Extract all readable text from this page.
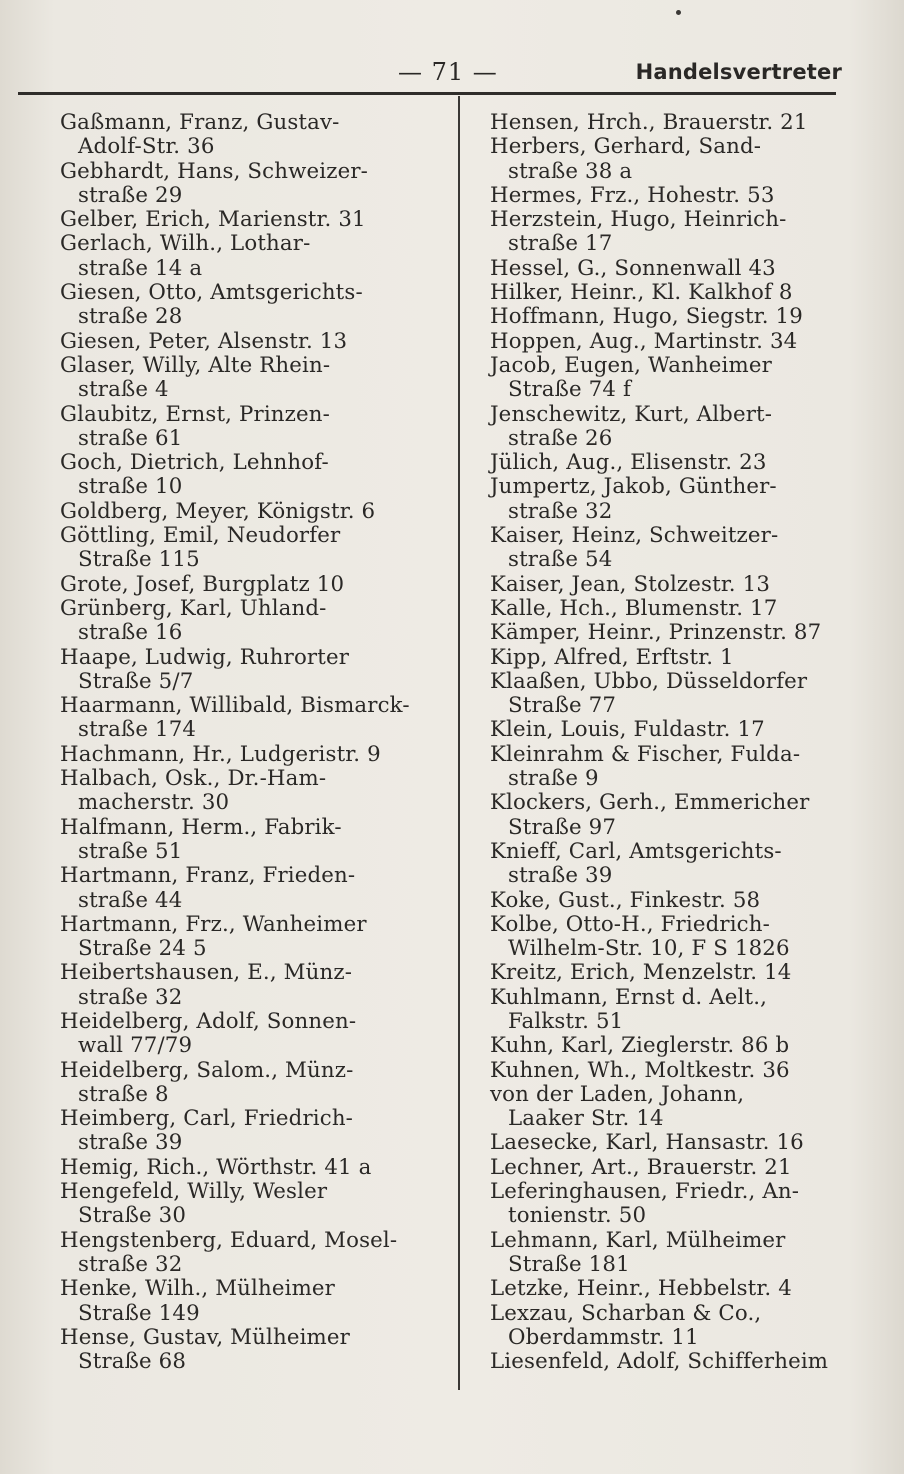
— 71 —	Handelsvertreter
Gaßmann, Franz, Gustav-
Adolf-Str. 36
Gebhardt, Hans, Schweizer-
straße 29
Gelber, Erich, Marienstr. 31
Gerlach, Wilh., Lothar-
straße 14 a
Giesen, Otto, Amtsgerichts-
straße 28
Giesen, Peter, Alsenstr. 13
Glaser, Willy, Alte Rhein-
straße 4
Glaubitz, Ernst, Prinzen-
straße 61
Goch, Dietrich, Lehnhof-
straße 10
Goldberg, Meyer, Königstr. 6
Göttling, Emil, Neudorfer
Straße 115
Grote, Josef, Burgplatz 10
Grünberg, Karl, Uhland-
straße 16
Haape, Ludwig, Ruhrorter
Straße 5/7
Haarmann, Willibald, Bismarck-
straße 174
Hachmann, Hr., Ludgeristr. 9
Halbach, Osk., Dr.-Ham-
macherstr. 30
Halfmann, Herm., Fabrik-
straße 51
Hartmann, Franz, Frieden-
straße 44
Hartmann, Frz., Wanheimer
Straße 24 5
Heibertshausen, E., Münz-
straße 32
Heidelberg, Adolf, Sonnen-
wall 77/79
Heidelberg, Salom., Münz-
straße 8
Heimberg, Carl, Friedrich-
straße 39
Hemig, Rich., Wörthstr. 41 a
Hengefeld, Willy, Wesler
Straße 30
Hengstenberg, Eduard, Mosel-
straße 32
Henke, Wilh., Mülheimer
Straße 149
Hense, Gustav, Mülheimer
Straße 68
Hensen, Hrch., Brauerstr. 21
Herbers, Gerhard, Sand-
straße 38 a
Hermes, Frz., Hohestr. 53
Herzstein, Hugo, Heinrich-
straße 17
Hessel, G., Sonnenwall 43
Hilker, Heinr., Kl. Kalkhof 8
Hoffmann, Hugo, Siegstr. 19
Hoppen, Aug., Martinstr. 34
Jacob, Eugen, Wanheimer
Straße 74 f
Jenschewitz, Kurt, Albert-
straße 26
Jülich, Aug., Elisenstr. 23
Jumpertz, Jakob, Günther-
straße 32
Kaiser, Heinz, Schweitzer-
straße 54
Kaiser, Jean, Stolzestr. 13
Kalle, Hch., Blumenstr. 17
Kämper, Heinr., Prinzenstr. 87
Kipp, Alfred, Erftstr. 1
Klaaßen, Ubbo, Düsseldorfer
Straße 77
Klein, Louis, Fuldastr. 17
Kleinrahm & Fischer, Fulda-
straße 9
Klockers, Gerh., Emmericher
Straße 97
Knieff, Carl, Amtsgerichts-
straße 39
Koke, Gust., Finkestr. 58
Kolbe, Otto-H., Friedrich-
Wilhelm-Str. 10, F S 1826
Kreitz, Erich, Menzelstr. 14
Kuhlmann, Ernst d. Aelt.,
Falkstr. 51
Kuhn, Karl, Zieglerstr. 86 b
Kuhnen, Wh., Moltkestr. 36
von der Laden, Johann,
Laaker Str. 14
Laesecke, Karl, Hansastr. 16
Lechner, Art., Brauerstr. 21
Leferinghausen, Friedr., An-
tonienstr. 50
Lehmann, Karl, Mülheimer
Straße 181
Letzke, Heinr., Hebbelstr. 4
Lexzau, Scharban & Co.,
Oberdammstr. 11
Liesenfeld, Adolf, Schifferheim
